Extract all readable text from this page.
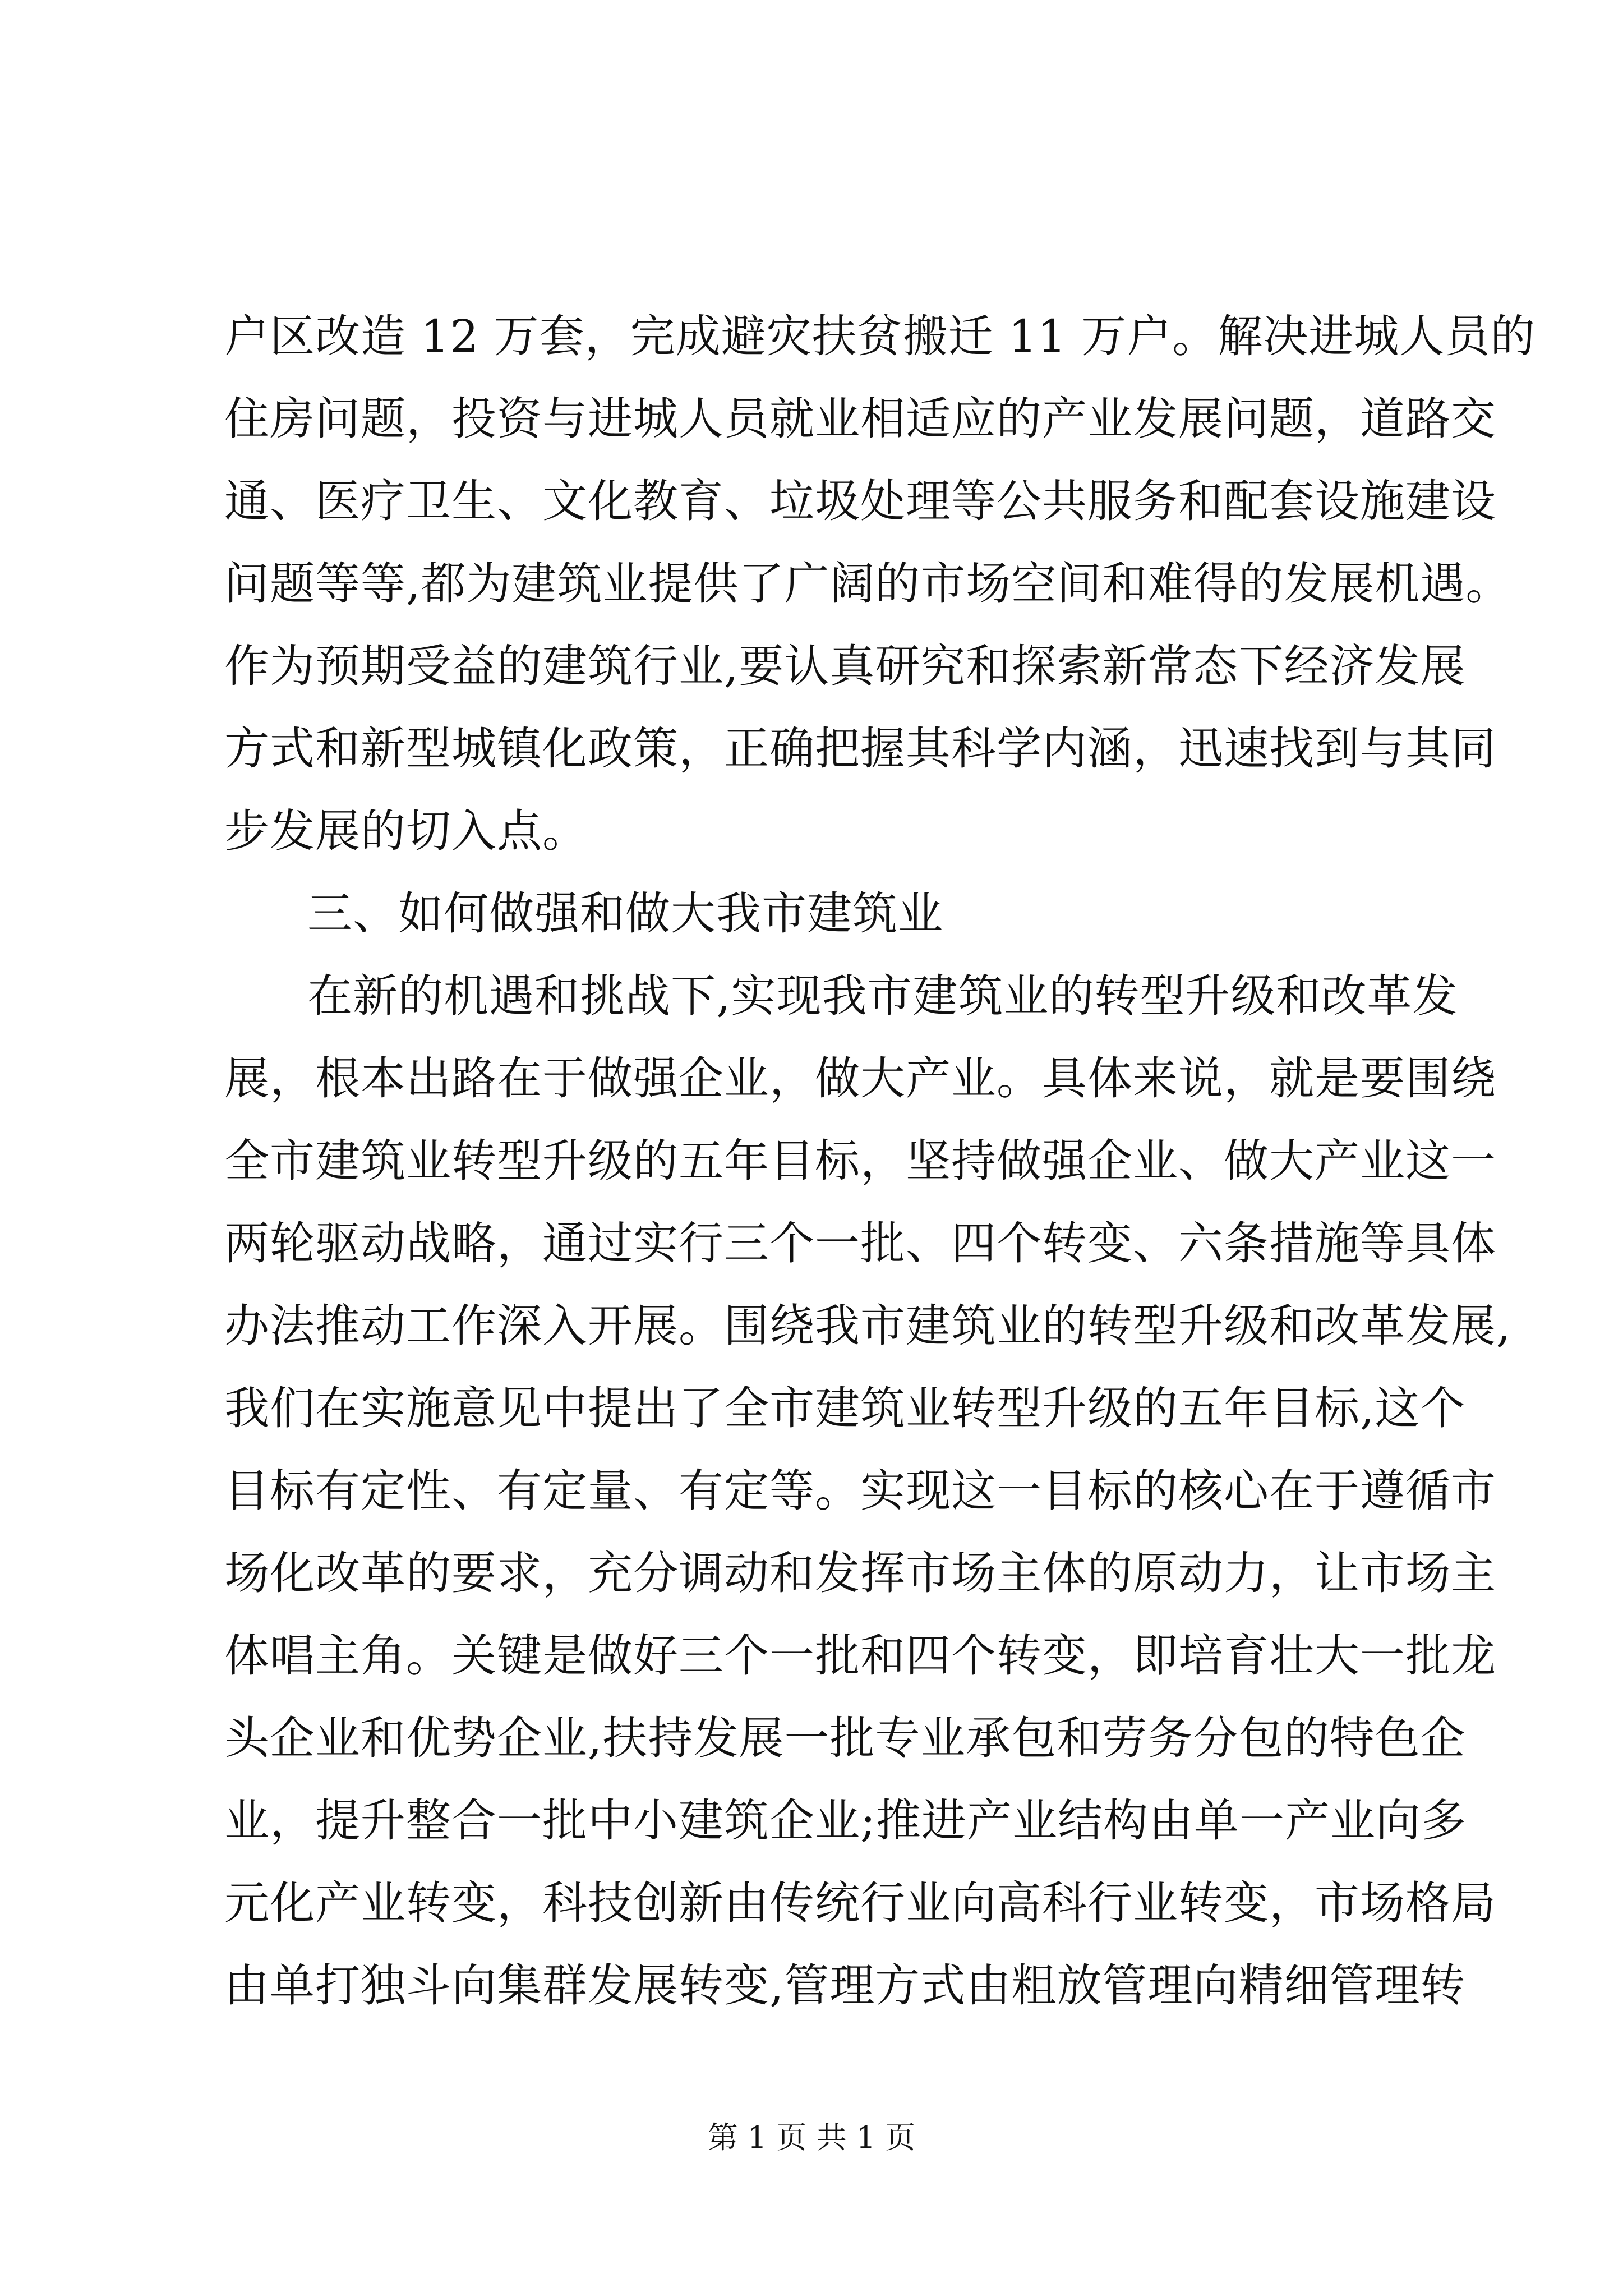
户区改造 12 万套，完成避灾扶贫搬迁 11 万户。解决进城人员的
住房问题，投资与进城人员就业相适应的产业发展问题，道路交
通、医疗卫生、文化教育、垃圾处理等公共服务和配套设施建设
问题等等,都为建筑业提供了广阔的市场空间和难得的发展机遇。
作为预期受益的建筑行业,要认真研究和探索新常态下经济发展
方式和新型城镇化政策，正确把握其科学内涵，迅速找到与其同
步发展的切入点。
三、如何做强和做大我市建筑业
在新的机遇和挑战下,实现我市建筑业的转型升级和改革发
展，根本出路在于做强企业，做大产业。具体来说，就是要围绕
全市建筑业转型升级的五年目标，坚持做强企业、做大产业这一
两轮驱动战略，通过实行三个一批、四个转变、六条措施等具体
办法推动工作深入开展。围绕我市建筑业的转型升级和改革发展,
我们在实施意见中提出了全市建筑业转型升级的五年目标,这个
目标有定性、有定量、有定等。实现这一目标的核心在于遵循市
场化改革的要求，充分调动和发挥市场主体的原动力，让市场主
体唱主角。关键是做好三个一批和四个转变，即培育壮大一批龙
头企业和优势企业,扶持发展一批专业承包和劳务分包的特色企
业，提升整合一批中小建筑企业;推进产业结构由单一产业向多
元化产业转变，科技创新由传统行业向高科行业转变，市场格局
由单打独斗向集群发展转变,管理方式由粗放管理向精细管理转
第 1 页 共 1 页
